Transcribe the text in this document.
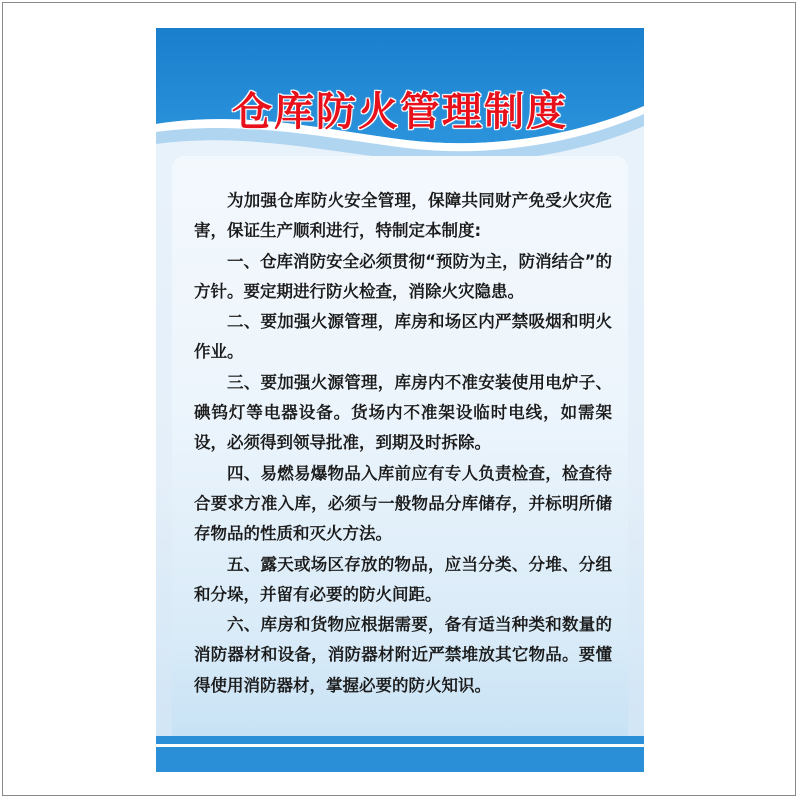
仓库防火管理制度

为加强仓库防火安全管理，保障共同财产免受火灾危害，保证生产顺利进行，特制定本制度:

一、仓库消防安全必须贯彻“预防为主，防消结合”的方针。要定期进行防火检查，消除火灾隐患。

二、要加强火源管理，库房和场区内严禁吸烟和明火作业。

三、要加强火源管理，库房内不准安装使用电炉子、碘钨灯等电器设备。货场内不准架设临时电线，如需架设，必须得到领导批准，到期及时拆除。

四、易燃易爆物品入库前应有专人负责检查，检查待合要求方准入库，必须与一般物品分库储存，并标明所储存物品的性质和灭火方法。

五、露天或场区存放的物品，应当分类、分堆、分组和分垛，并留有必要的防火间距。

六、库房和货物应根据需要，备有适当种类和数量的消防器材和设备，消防器材附近严禁堆放其它物品。要懂得使用消防器材，掌握必要的防火知识。
